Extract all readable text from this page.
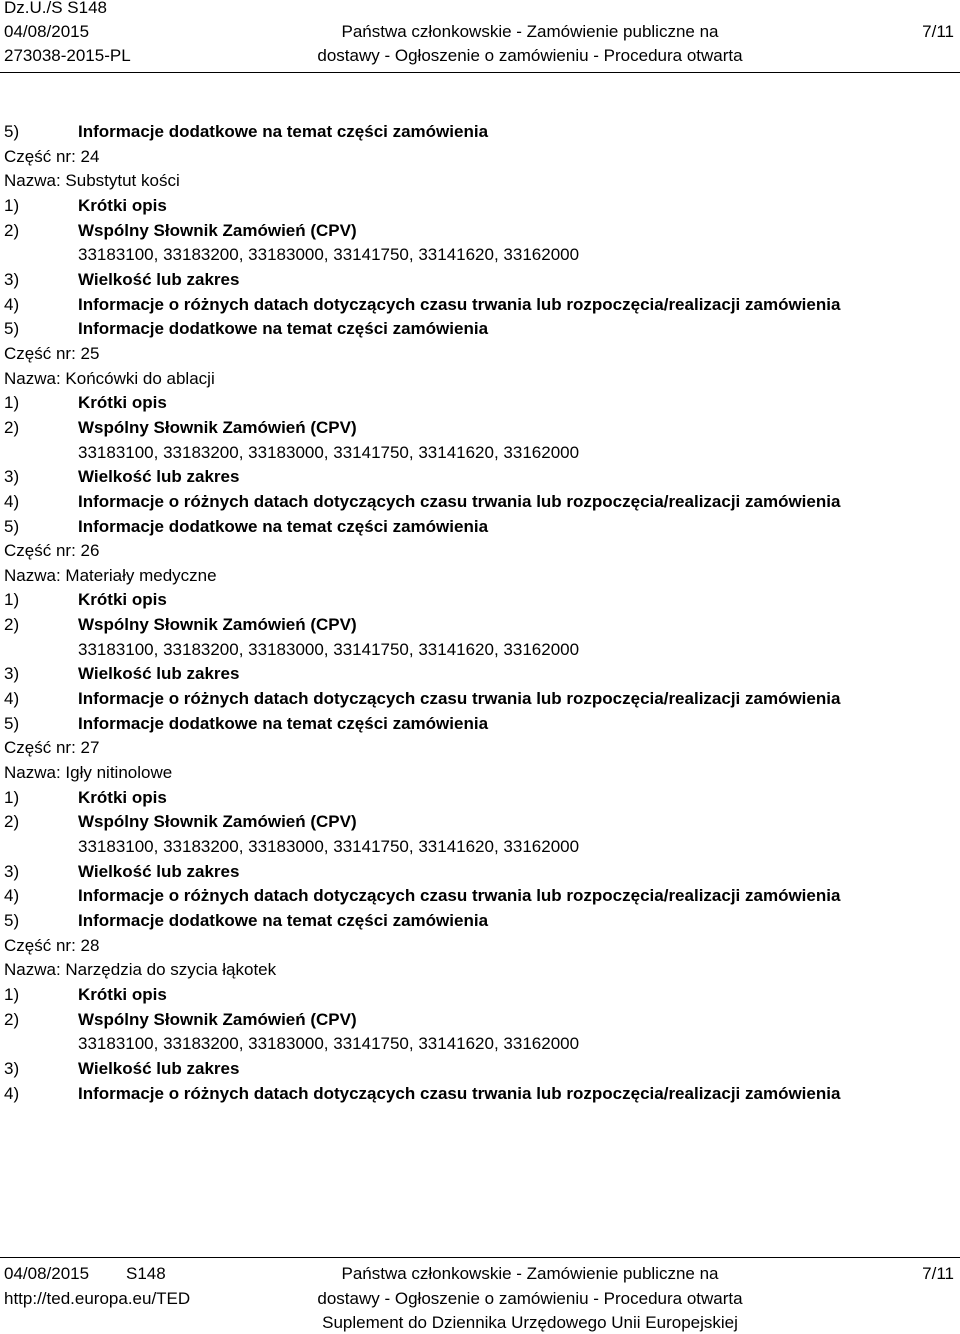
Dz.U./S S148
04/08/2015
273038-2015-PL
Państwa członkowskie - Zamówienie publiczne na
dostawy - Ogłoszenie o zamówieniu - Procedura otwarta
7/11
5)	Informacje dodatkowe na temat części zamówienia
Część nr: 24
Nazwa: Substytut kości
1)	Krótki opis
2)	Wspólny Słownik Zamówień (CPV)
33183100, 33183200, 33183000, 33141750, 33141620, 33162000
3)	Wielkość lub zakres
4)	Informacje o różnych datach dotyczących czasu trwania lub rozpoczęcia/realizacji zamówienia
5)	Informacje dodatkowe na temat części zamówienia
Część nr: 25
Nazwa: Końcówki do ablacji
1)	Krótki opis
2)	Wspólny Słownik Zamówień (CPV)
33183100, 33183200, 33183000, 33141750, 33141620, 33162000
3)	Wielkość lub zakres
4)	Informacje o różnych datach dotyczących czasu trwania lub rozpoczęcia/realizacji zamówienia
5)	Informacje dodatkowe na temat części zamówienia
Część nr: 26
Nazwa: Materiały medyczne
1)	Krótki opis
2)	Wspólny Słownik Zamówień (CPV)
33183100, 33183200, 33183000, 33141750, 33141620, 33162000
3)	Wielkość lub zakres
4)	Informacje o różnych datach dotyczących czasu trwania lub rozpoczęcia/realizacji zamówienia
5)	Informacje dodatkowe na temat części zamówienia
Część nr: 27
Nazwa: Igły nitinolowe
1)	Krótki opis
2)	Wspólny Słownik Zamówień (CPV)
33183100, 33183200, 33183000, 33141750, 33141620, 33162000
3)	Wielkość lub zakres
4)	Informacje o różnych datach dotyczących czasu trwania lub rozpoczęcia/realizacji zamówienia
5)	Informacje dodatkowe na temat części zamówienia
Część nr: 28
Nazwa: Narzędzia do szycia łąkotek
1)	Krótki opis
2)	Wspólny Słownik Zamówień (CPV)
33183100, 33183200, 33183000, 33141750, 33141620, 33162000
3)	Wielkość lub zakres
4)	Informacje o różnych datach dotyczących czasu trwania lub rozpoczęcia/realizacji zamówienia
04/08/2015 S148
http://ted.europa.eu/TED
Państwa członkowskie - Zamówienie publiczne na
dostawy - Ogłoszenie o zamówieniu - Procedura otwarta
Suplement do Dziennika Urzędowego Unii Europejskiej
7/11
